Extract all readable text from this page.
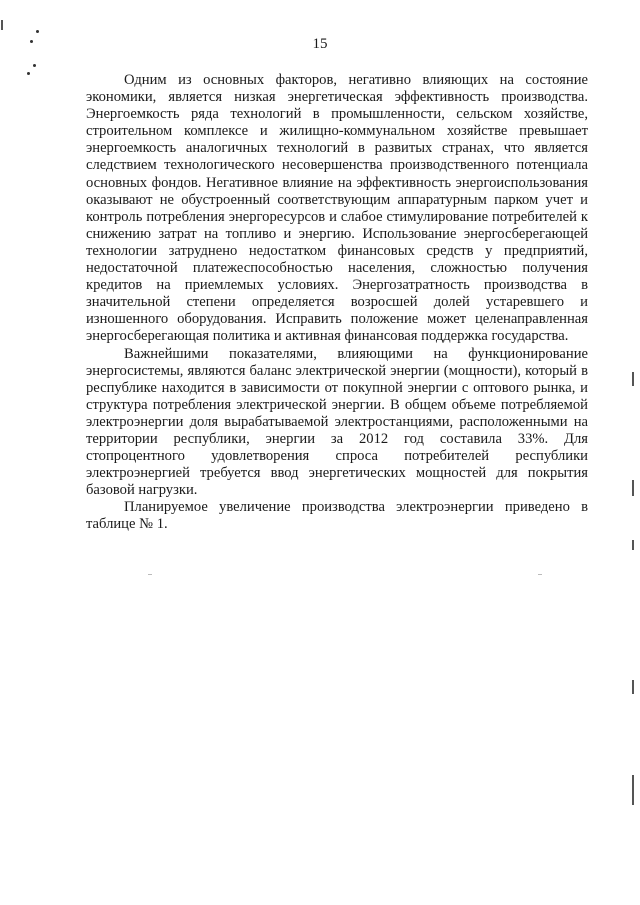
15

Одним из основных факторов, негативно влияющих на состояние экономики, является низкая энергетическая эффективность производства. Энергоемкость ряда технологий в промышленности, сельском хозяйстве, строительном комплексе и жилищно-коммунальном хозяйстве превышает энергоемкость аналогичных технологий в развитых странах, что является следствием технологического несовершенства производственного потенциала основных фондов. Негативное влияние на эффективность энергоиспользования оказывают не обустроенный соответствующим аппаратурным парком учет и контроль потребления энергоресурсов и слабое стимулирование потребителей к снижению затрат на топливо и энергию. Использование энергосберегающей технологии затруднено недостатком финансовых средств у предприятий, недостаточной платежеспособностью населения, сложностью получения кредитов на приемлемых условиях. Энергозатратность производства в значительной степени определяется возросшей долей устаревшего и изношенного оборудования. Исправить положение может целенаправленная энергосберегающая политика и активная финансовая поддержка государства.

Важнейшими показателями, влияющими на функционирование энергосистемы, являются баланс электрической энергии (мощности), который в республике находится в зависимости от покупной энергии с оптового рынка, и структура потребления электрической энергии. В общем объеме потребляемой электроэнергии доля вырабатываемой электростанциями, расположенными на территории республики, энергии за 2012 год составила 33%. Для стопроцентного удовлетворения спроса потребителей республики электроэнергией требуется ввод энергетических мощностей для покрытия базовой нагрузки.

Планируемое увеличение производства электроэнергии приведено в таблице № 1.
